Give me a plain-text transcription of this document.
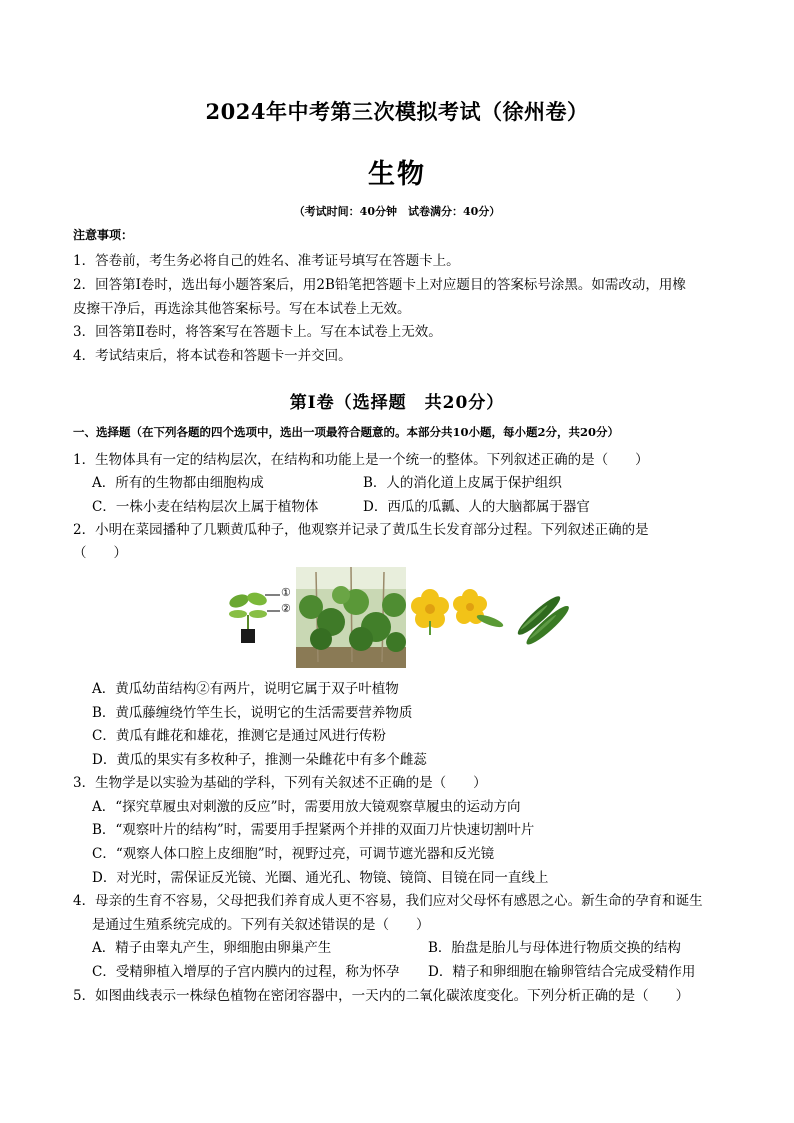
2024年中考第三次模拟考试（徐州卷）
生物
（考试时间：40分钟　试卷满分：40分）
注意事项：
1．答卷前，考生务必将自己的姓名、准考证号填写在答题卡上。
2．回答第Ⅰ卷时，选出每小题答案后，用2B铅笔把答题卡上对应题目的答案标号涂黑。如需改动，用橡
皮擦干净后，再选涂其他答案标号。写在本试卷上无效。
3．回答第Ⅱ卷时，将答案写在答题卡上。写在本试卷上无效。
4．考试结束后，将本试卷和答题卡一并交回。
第Ⅰ卷（选择题　共20分）
一、选择题（在下列各题的四个选项中，选出一项最符合题意的。本部分共10小题，每小题2分，共20分）
1．生物体具有一定的结构层次，在结构和功能上是一个统一的整体。下列叙述正确的是（　　）
A．所有的生物都由细胞构成	B．人的消化道上皮属于保护组织
C．一株小麦在结构层次上属于植物体	D．西瓜的瓜瓤、人的大脑都属于器官
2．小明在菜园播种了几颗黄瓜种子，他观察并记录了黄瓜生长发育部分过程。下列叙述正确的是
（　　）
①
②
A．黄瓜幼苗结构②有两片，说明它属于双子叶植物
B．黄瓜藤缠绕竹竿生长，说明它的生活需要营养物质
C．黄瓜有雌花和雄花，推测它是通过风进行传粉
D．黄瓜的果实有多枚种子，推测一朵雌花中有多个雌蕊
3．生物学是以实验为基础的学科，下列有关叙述不正确的是（　　）
A．“探究草履虫对刺激的反应”时，需要用放大镜观察草履虫的运动方向
B．“观察叶片的结构”时，需要用手捏紧两个并排的双面刀片快速切割叶片
C．“观察人体口腔上皮细胞”时，视野过亮，可调节遮光器和反光镜
D．对光时，需保证反光镜、光圈、通光孔、物镜、镜筒、目镜在同一直线上
4．母亲的生育不容易，父母把我们养育成人更不容易，我们应对父母怀有感恩之心。新生命的孕育和诞生
是通过生殖系统完成的。下列有关叙述错误的是（　　）
A．精子由睾丸产生，卵细胞由卵巢产生	B．胎盘是胎儿与母体进行物质交换的结构
C．受精卵植入增厚的子宫内膜内的过程，称为怀孕 D．精子和卵细胞在输卵管结合完成受精作用
5．如图曲线表示一株绿色植物在密闭容器中，一天内的二氧化碳浓度变化。下列分析正确的是（　　）
